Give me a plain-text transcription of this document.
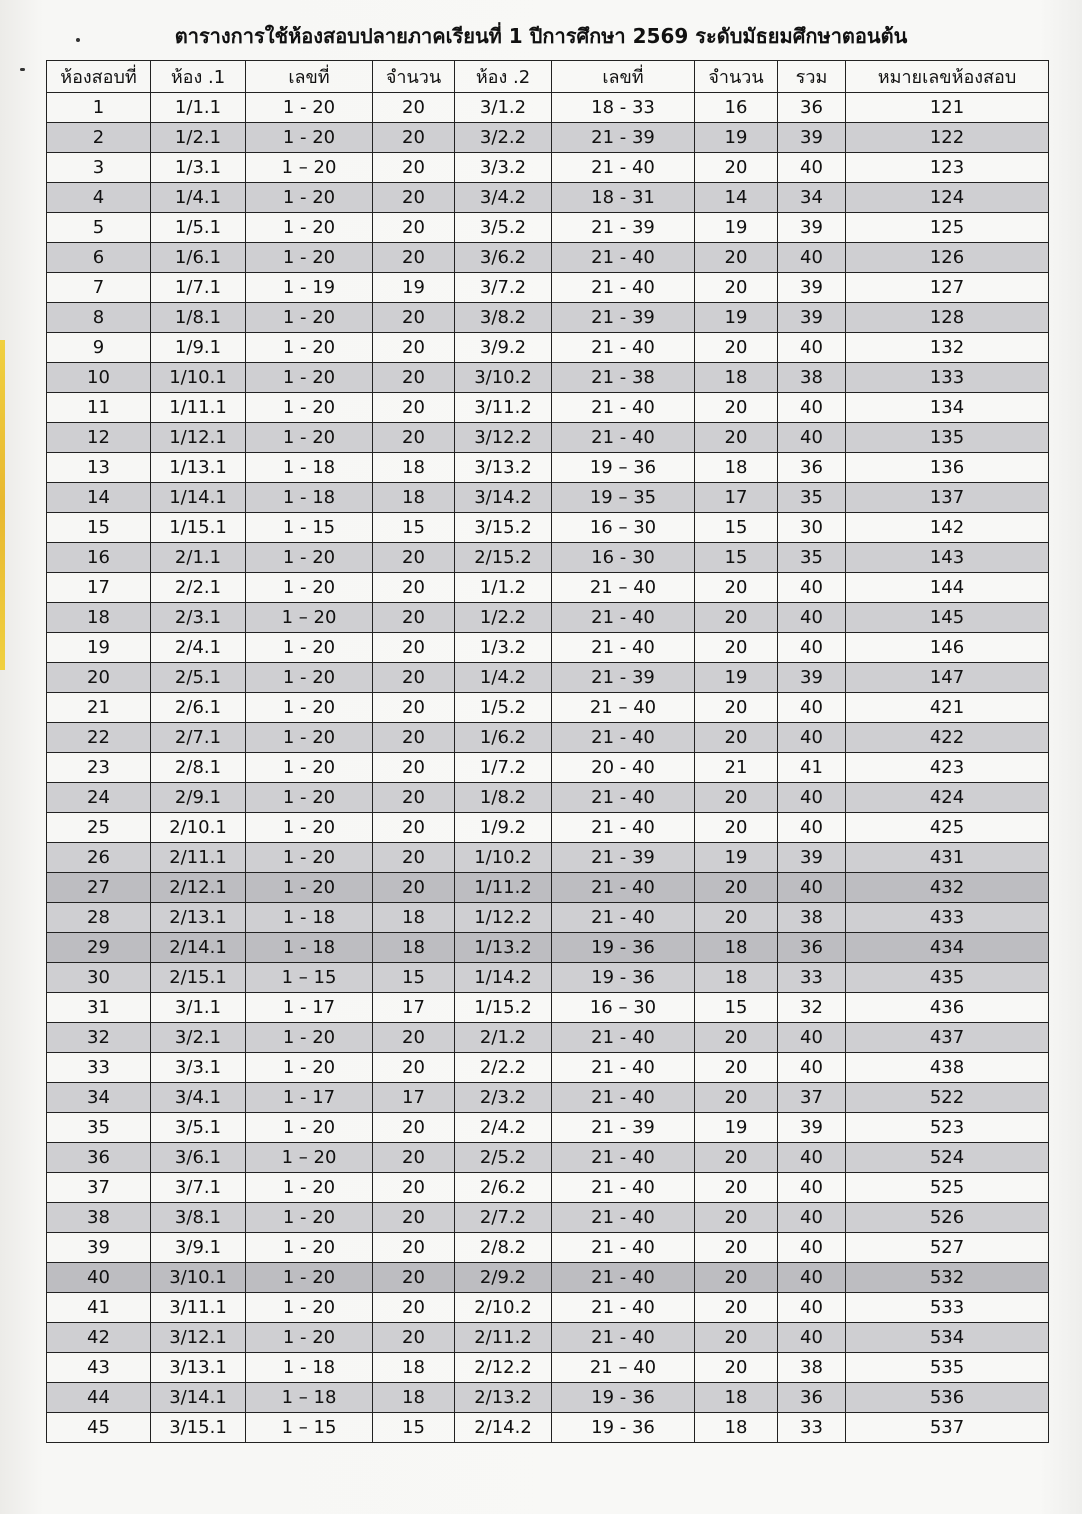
ตารางการใช้ห้องสอบปลายภาคเรียนที่ 1 ปีการศึกษา 2569 ระดับมัธยมศึกษาตอนต้น
ห้องสอบที่	ห้อง .1	เลขที่	จำนวน	ห้อง .2	เลขที่	จำนวน	รวม	หมายเลขห้องสอบ
1	1/1.1	1 - 20	20	3/1.2	18 - 33	16	36	121
2	1/2.1	1 - 20	20	3/2.2	21 - 39	19	39	122
3	1/3.1	1 – 20	20	3/3.2	21 - 40	20	40	123
4	1/4.1	1 - 20	20	3/4.2	18 - 31	14	34	124
5	1/5.1	1 - 20	20	3/5.2	21 - 39	19	39	125
6	1/6.1	1 - 20	20	3/6.2	21 - 40	20	40	126
7	1/7.1	1 - 19	19	3/7.2	21 - 40	20	39	127
8	1/8.1	1 - 20	20	3/8.2	21 - 39	19	39	128
9	1/9.1	1 - 20	20	3/9.2	21 - 40	20	40	132
10	1/10.1	1 - 20	20	3/10.2	21 - 38	18	38	133
11	1/11.1	1 - 20	20	3/11.2	21 - 40	20	40	134
12	1/12.1	1 - 20	20	3/12.2	21 - 40	20	40	135
13	1/13.1	1 - 18	18	3/13.2	19 – 36	18	36	136
14	1/14.1	1 - 18	18	3/14.2	19 – 35	17	35	137
15	1/15.1	1 - 15	15	3/15.2	16 – 30	15	30	142
16	2/1.1	1 - 20	20	2/15.2	16 - 30	15	35	143
17	2/2.1	1 - 20	20	1/1.2	21 – 40	20	40	144
18	2/3.1	1 – 20	20	1/2.2	21 - 40	20	40	145
19	2/4.1	1 - 20	20	1/3.2	21 - 40	20	40	146
20	2/5.1	1 - 20	20	1/4.2	21 - 39	19	39	147
21	2/6.1	1 - 20	20	1/5.2	21 – 40	20	40	421
22	2/7.1	1 - 20	20	1/6.2	21 - 40	20	40	422
23	2/8.1	1 - 20	20	1/7.2	20 - 40	21	41	423
24	2/9.1	1 - 20	20	1/8.2	21 - 40	20	40	424
25	2/10.1	1 - 20	20	1/9.2	21 - 40	20	40	425
26	2/11.1	1 - 20	20	1/10.2	21 - 39	19	39	431
27	2/12.1	1 - 20	20	1/11.2	21 - 40	20	40	432
28	2/13.1	1 - 18	18	1/12.2	21 - 40	20	38	433
29	2/14.1	1 - 18	18	1/13.2	19 - 36	18	36	434
30	2/15.1	1 – 15	15	1/14.2	19 - 36	18	33	435
31	3/1.1	1 - 17	17	1/15.2	16 – 30	15	32	436
32	3/2.1	1 - 20	20	2/1.2	21 - 40	20	40	437
33	3/3.1	1 - 20	20	2/2.2	21 - 40	20	40	438
34	3/4.1	1 - 17	17	2/3.2	21 - 40	20	37	522
35	3/5.1	1 - 20	20	2/4.2	21 - 39	19	39	523
36	3/6.1	1 – 20	20	2/5.2	21 - 40	20	40	524
37	3/7.1	1 - 20	20	2/6.2	21 - 40	20	40	525
38	3/8.1	1 - 20	20	2/7.2	21 - 40	20	40	526
39	3/9.1	1 - 20	20	2/8.2	21 - 40	20	40	527
40	3/10.1	1 - 20	20	2/9.2	21 - 40	20	40	532
41	3/11.1	1 - 20	20	2/10.2	21 - 40	20	40	533
42	3/12.1	1 - 20	20	2/11.2	21 - 40	20	40	534
43	3/13.1	1 - 18	18	2/12.2	21 – 40	20	38	535
44	3/14.1	1 – 18	18	2/13.2	19 - 36	18	36	536
45	3/15.1	1 – 15	15	2/14.2	19 - 36	18	33	537
